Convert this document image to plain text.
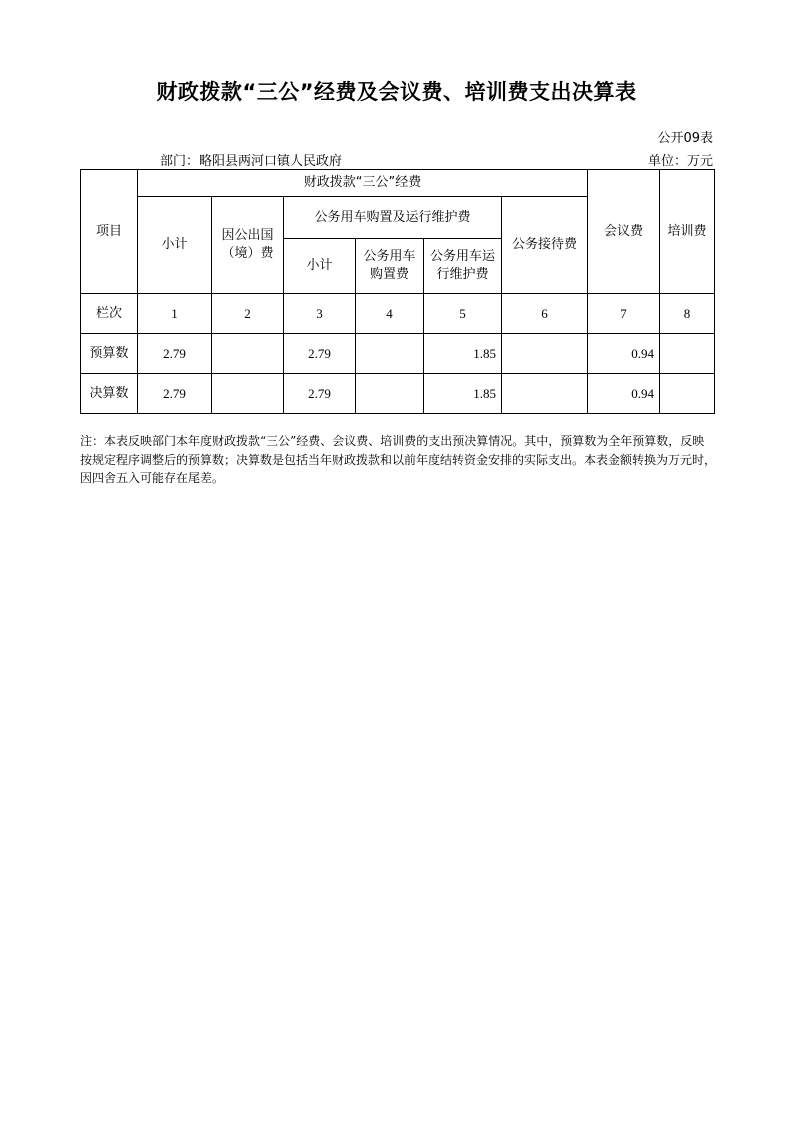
财政拨款“三公”经费及会议费、培训费支出决算表
公开09表
部门：略阳县两河口镇人民政府	单位：万元
项目	财政拨款“三公”经费						会议费	培训费
	小计	因公出国（境）费	公务用车购置及运行维护费			公务接待费		
			小计	公务用车购置费	公务用车运行维护费			
栏次	1	2	3	4	5	6	7	8
预算数	2.79		2.79		1.85		0.94	
决算数	2.79		2.79		1.85		0.94	
注：本表反映部门本年度财政拨款“三公”经费、会议费、培训费的支出预决算情况。其中，预算数为全年预算数，反映按规定程序调整后的预算数；决算数是包括当年财政拨款和以前年度结转资金安排的实际支出。本表金额转换为万元时，因四舍五入可能存在尾差。
